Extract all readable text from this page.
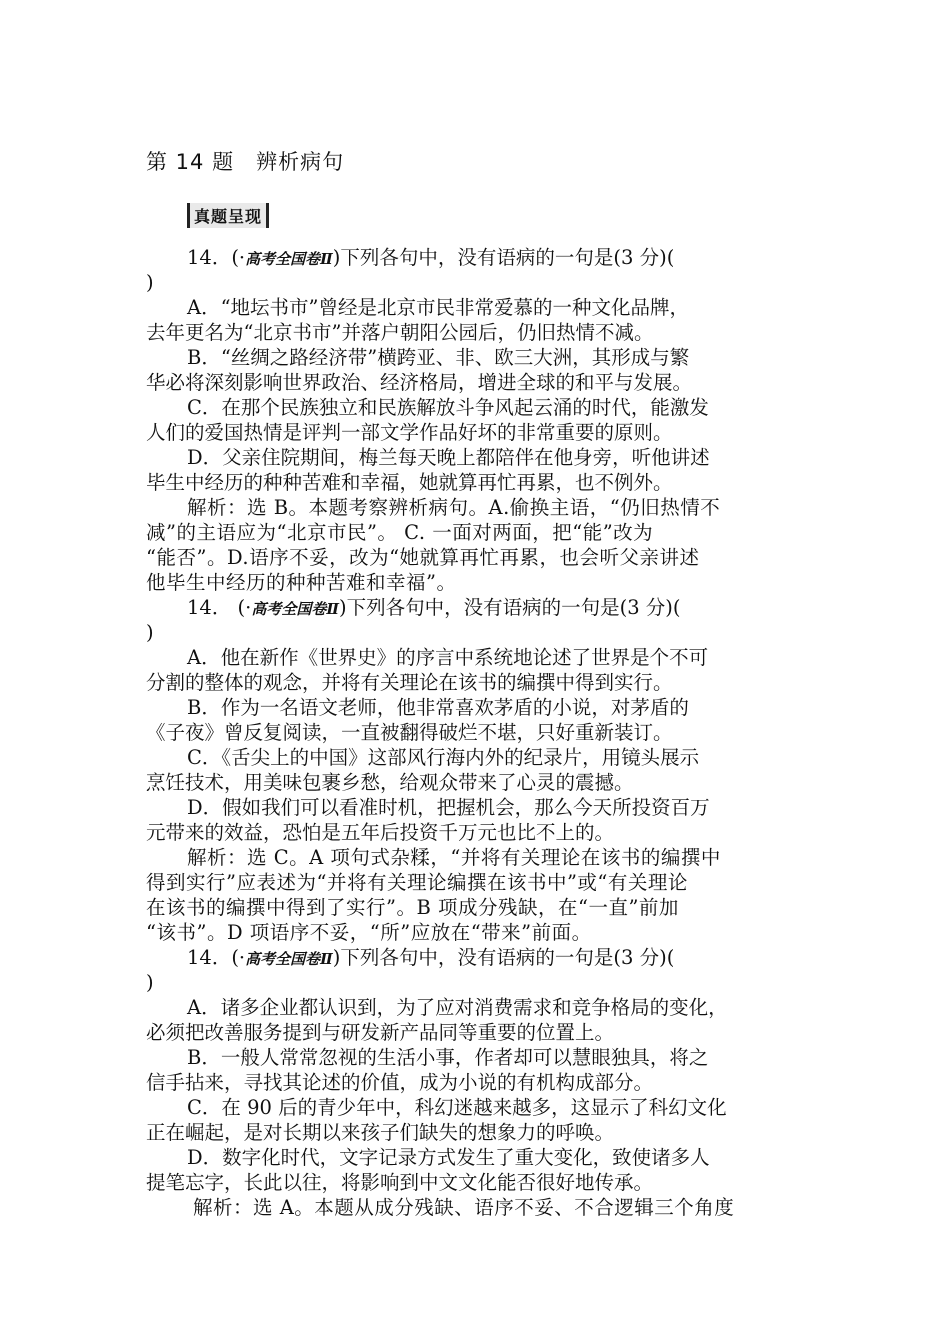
第 14 题　辨析病句
真题呈现
14．(·高考全国卷Ⅱ)下列各句中，没有语病的一句是(3 分)(
)
A．“地坛书市”曾经是北京市民非常爱慕的一种文化品牌，
去年更名为“北京书市”并落户朝阳公园后，仍旧热情不减。
B．“丝绸之路经济带”横跨亚、非、欧三大洲，其形成与繁
华必将深刻影响世界政治、经济格局，增进全球的和平与发展。
C．在那个民族独立和民族解放斗争风起云涌的时代，能激发
人们的爱国热情是评判一部文学作品好坏的非常重要的原则。
D．父亲住院期间，梅兰每天晚上都陪伴在他身旁，听他讲述
毕生中经历的种种苦难和幸福，她就算再忙再累，也不例外。
解析：选 B。本题考察辨析病句。A.偷换主语，“仍旧热情不
减”的主语应为“北京市民”。 C. 一面对两面，把“能”改为
“能否”。D.语序不妥，改为“她就算再忙再累，也会听父亲讲述
他毕生中经历的种种苦难和幸福”。
14． (·高考全国卷Ⅱ)下列各句中，没有语病的一句是(3 分)(
)
A．他在新作《世界史》的序言中系统地论述了世界是个不可
分割的整体的观念，并将有关理论在该书的编撰中得到实行。
B．作为一名语文老师，他非常喜欢茅盾的小说，对茅盾的
《子夜》曾反复阅读，一直被翻得破烂不堪，只好重新装订。
C．《舌尖上的中国》这部风行海内外的纪录片，用镜头展示
烹饪技术，用美味包裹乡愁，给观众带来了心灵的震撼。
D．假如我们可以看准时机，把握机会，那么今天所投资百万
元带来的效益，恐怕是五年后投资千万元也比不上的。
解析：选 C。A 项句式杂糅，“并将有关理论在该书的编撰中
得到实行”应表述为“并将有关理论编撰在该书中”或“有关理论
在该书的编撰中得到了实行”。B 项成分残缺，在“一直”前加
“该书”。D 项语序不妥，“所”应放在“带来”前面。
14．(·高考全国卷Ⅱ)下列各句中，没有语病的一句是(3 分)(
)
A．诸多企业都认识到，为了应对消费需求和竞争格局的变化，
必须把改善服务提到与研发新产品同等重要的位置上。
B．一般人常常忽视的生活小事，作者却可以慧眼独具，将之
信手拈来，寻找其论述的价值，成为小说的有机构成部分。
C．在 90 后的青少年中，科幻迷越来越多，这显示了科幻文化
正在崛起，是对长期以来孩子们缺失的想象力的呼唤。
D．数字化时代，文字记录方式发生了重大变化，致使诸多人
提笔忘字，长此以往，将影响到中文文化能否很好地传承。
解析：选 A。本题从成分残缺、语序不妥、不合逻辑三个角度
